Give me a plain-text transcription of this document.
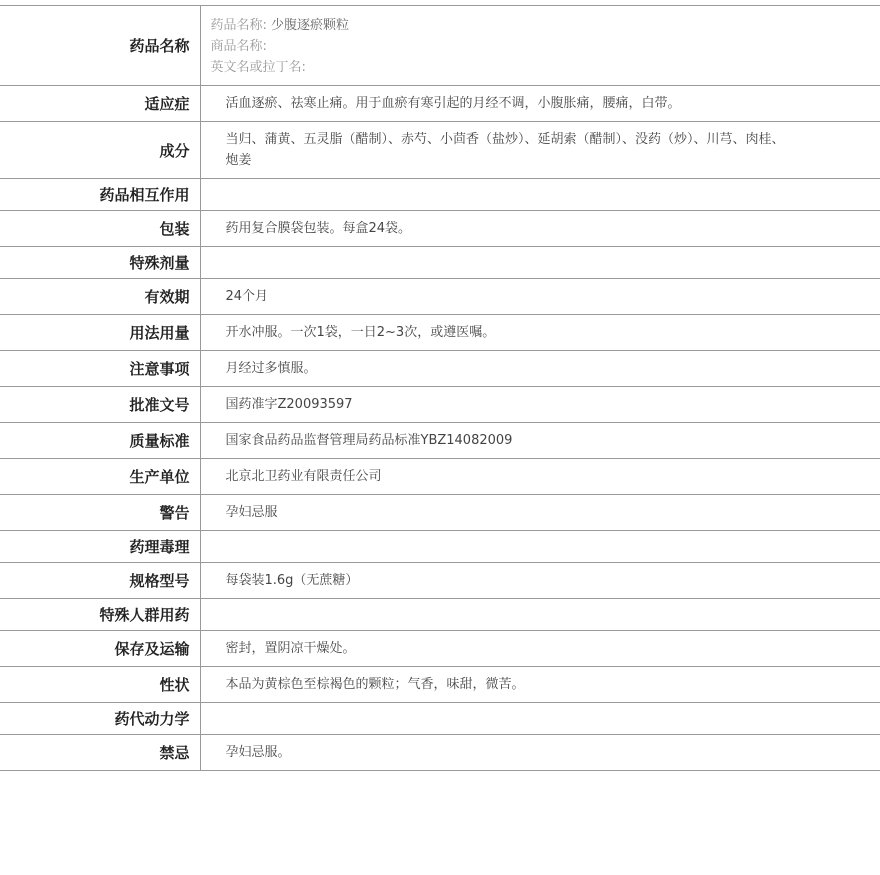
药品名称	药品名称: 少腹逐瘀颗粒
商品名称:
英文名或拉丁名:

适应症	活血逐瘀、祛寒止痛。用于血瘀有寒引起的月经不调，小腹胀痛，腰痛，白带。
成分	当归、蒲黄、五灵脂（醋制）、赤芍、小茴香（盐炒）、延胡索（醋制）、没药（炒）、川芎、肉桂、炮姜
药品相互作用	
包装	药用复合膜袋包装。每盒24袋。
特殊剂量	
有效期	24个月
用法用量	开水冲服。一次1袋，一日2~3次，或遵医嘱。
注意事项	月经过多慎服。
批准文号	国药准字Z20093597
质量标准	国家食品药品监督管理局药品标准YBZ14082009
生产单位	北京北卫药业有限责任公司
警告	孕妇忌服
药理毒理	
规格型号	每袋装1.6g（无蔗糖）
特殊人群用药	
保存及运输	密封，置阴凉干燥处。
性状	本品为黄棕色至棕褐色的颗粒；气香，味甜，微苦。
药代动力学	
禁忌	孕妇忌服。
